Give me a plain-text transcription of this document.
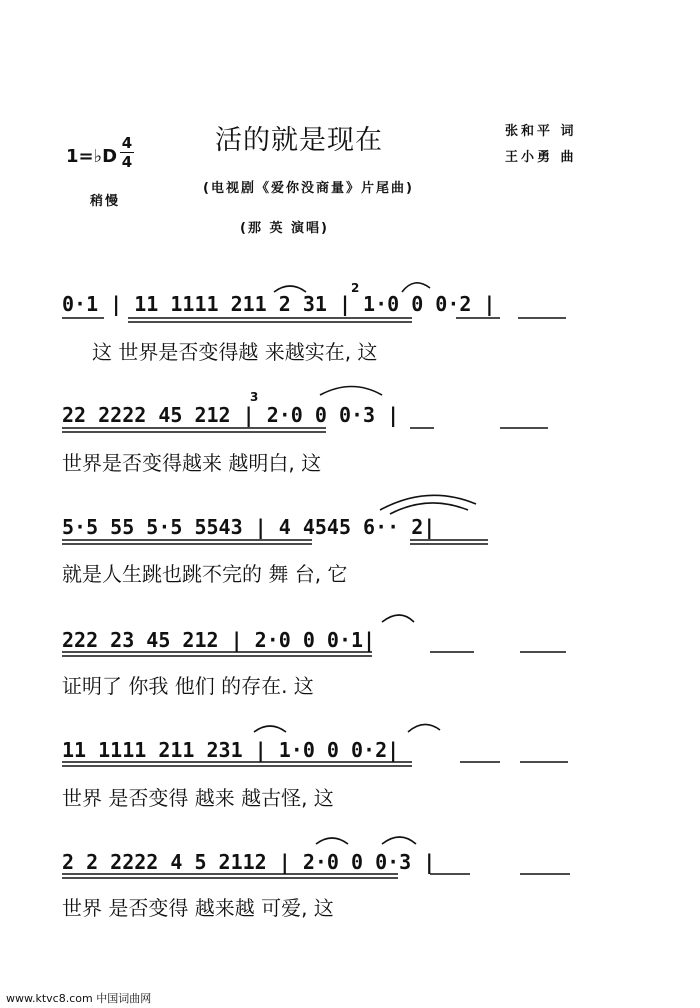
活的就是现在	张和平 词
王小勇 曲
(电视剧《爱你没商量》片尾曲)
(那 英 演唱)
1=♭D
4
4
稍慢
0·1 | 11 1111 211 2 31 | 1·0 0 0·2 |
2
这 世界是否变得越 来越实在, 这
22 2222 45 212 | 2·0 0 0·3 |
3
世界是否变得越来 越明白, 这
5·5 55 5·5 5543 | 4 4545 6·· 2|
就是人生跳也跳不完的 舞 台, 它
222 23 45 212 | 2·0 0 0·1|
证明了 你我 他们 的存在. 这
11 1111 211 231 | 1·0 0 0·2|
世界 是否变得 越来 越古怪, 这
2 2 2222 4 5 2112 | 2·0 0 0·3 |
世界 是否变得 越来越 可爱, 这
www.ktvc8.com 中国词曲网
